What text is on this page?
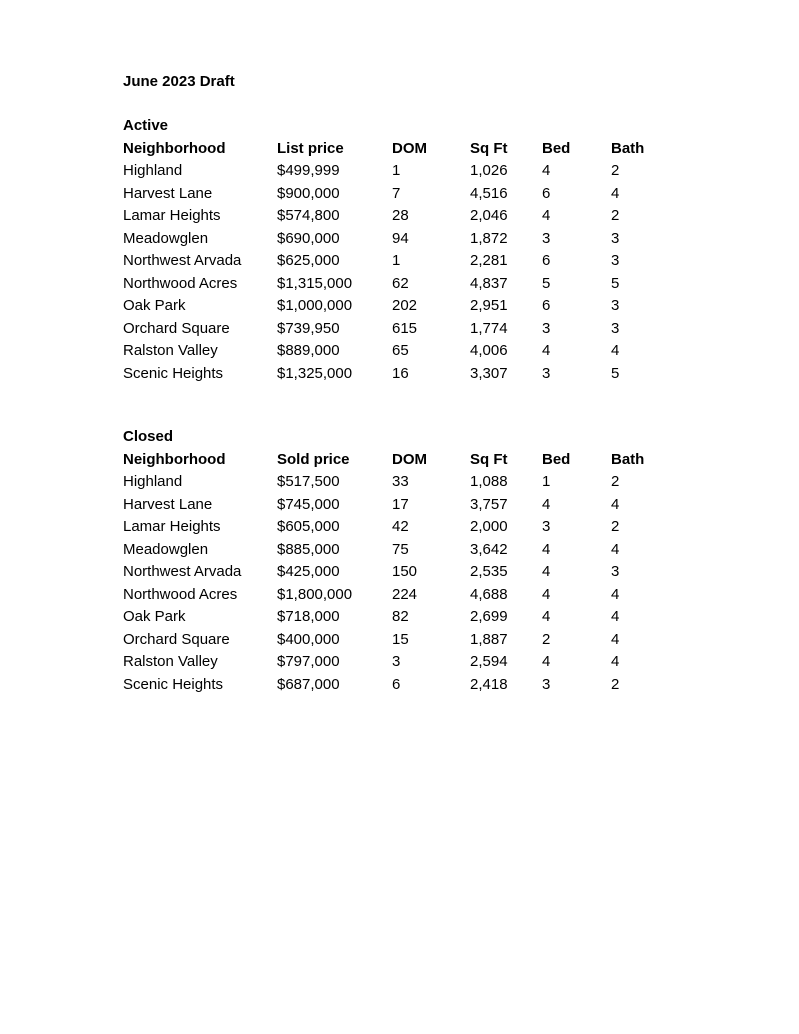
June 2023 Draft
Active
Neighborhood	List price	DOM	Sq Ft	Bed	Bath
Highland	$499,999	1	1,026	4	2
Harvest Lane	$900,000	7	4,516	6	4
Lamar Heights	$574,800	28	2,046	4	2
Meadowglen	$690,000	94	1,872	3	3
Northwest Arvada	$625,000	1	2,281	6	3
Northwood Acres	$1,315,000	62	4,837	5	5
Oak Park	$1,000,000	202	2,951	6	3
Orchard Square	$739,950	615	1,774	3	3
Ralston Valley	$889,000	65	4,006	4	4
Scenic Heights	$1,325,000	16	3,307	3	5
Closed
Neighborhood	Sold price	DOM	Sq Ft	Bed	Bath
Highland	$517,500	33	1,088	1	2
Harvest Lane	$745,000	17	3,757	4	4
Lamar Heights	$605,000	42	2,000	3	2
Meadowglen	$885,000	75	3,642	4	4
Northwest Arvada	$425,000	150	2,535	4	3
Northwood Acres	$1,800,000	224	4,688	4	4
Oak Park	$718,000	82	2,699	4	4
Orchard Square	$400,000	15	1,887	2	4
Ralston Valley	$797,000	3	2,594	4	4
Scenic Heights	$687,000	6	2,418	3	2
